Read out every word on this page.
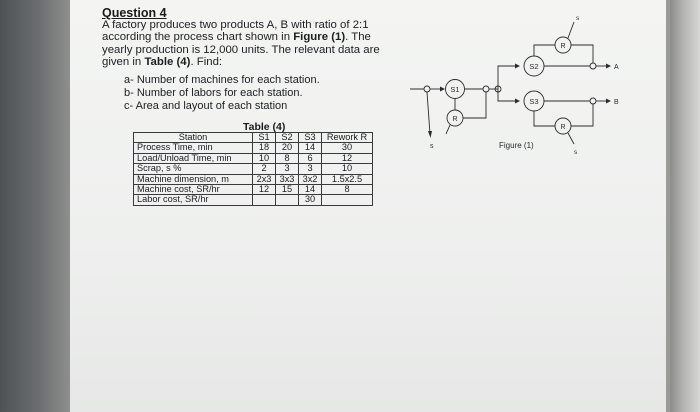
Question 4
A factory produces two products A, B with ratio of 2:1 according the process chart shown in Figure (1). The yearly production is 12,000 units. The relevant data are given in Table (4). Find:
a- Number of machines for each station.
b- Number of labors for each station.
c- Area and layout of each station
Table (4)
Station	S1	S2	S3	Rework R
Process Time, min	18	20	14	30
Load/Unload Time, min	10	8	6	12
Scrap, s %	2	3	3	10
Machine dimension, m	2x3	3x3	3x2	1.5x2.5
Machine cost, SR/hr	12	15	14	8
Labor cost, SR/hr			30	
s
S1
R
S2	A
R
s
S3	B
R
s
Figure (1)
